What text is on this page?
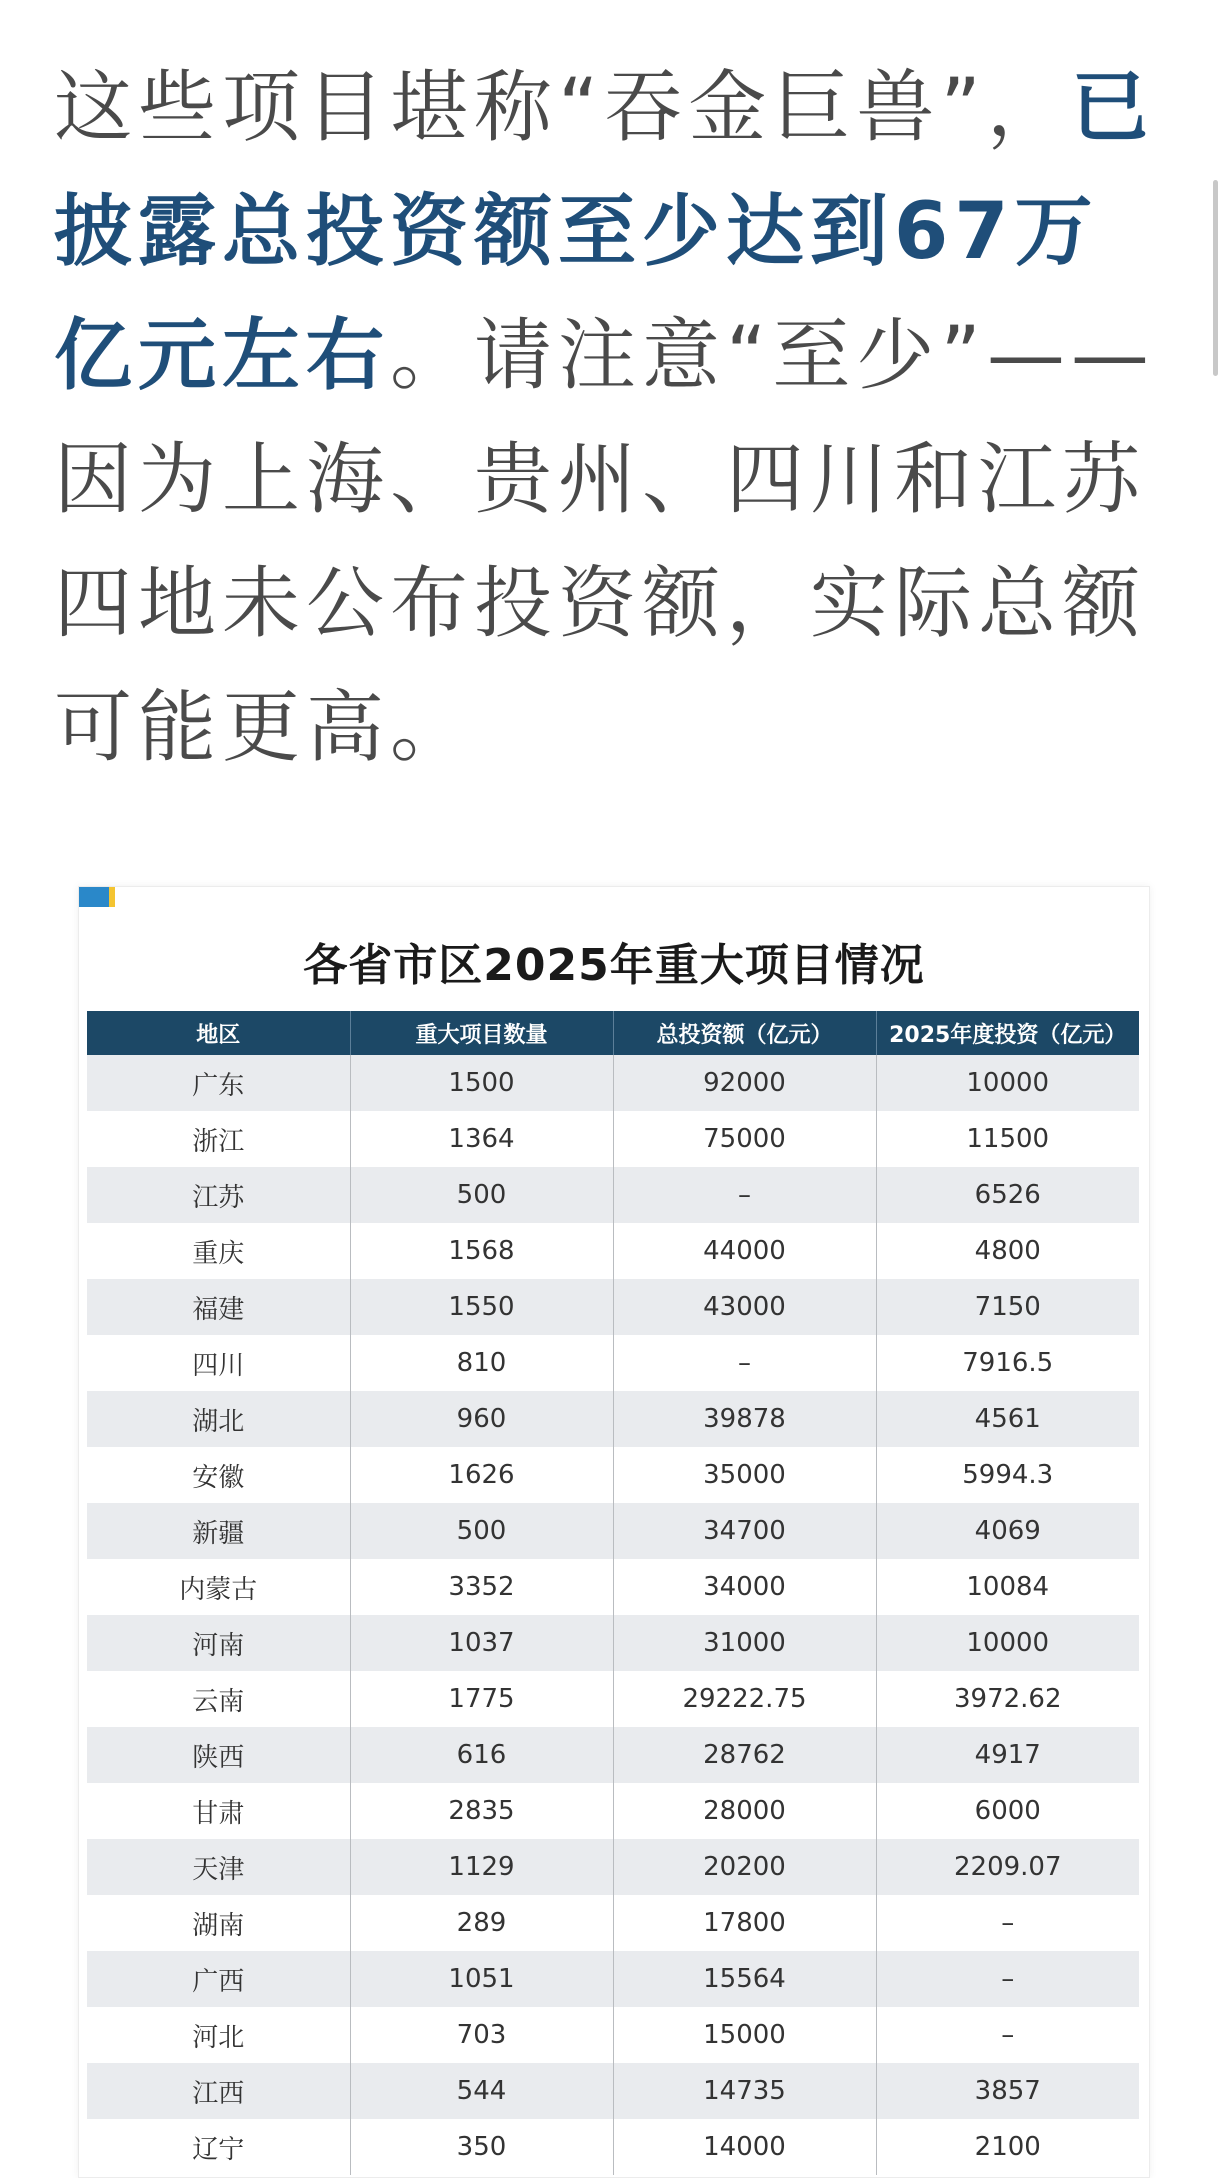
这些项目堪称“吞金巨兽”，已披露总投资额至少达到67万亿元左右。请注意“至少”——因为上海、贵州、四川和江苏四地未公布投资额，实际总额可能更高。
各省市区2025年重大项目情况
地区	重大项目数量	总投资额（亿元）	2025年度投资（亿元）
广东	1500	92000	10000
浙江	1364	75000	11500
江苏	500	–	6526
重庆	1568	44000	4800
福建	1550	43000	7150
四川	810	–	7916.5
湖北	960	39878	4561
安徽	1626	35000	5994.3
新疆	500	34700	4069
内蒙古	3352	34000	10084
河南	1037	31000	10000
云南	1775	29222.75	3972.62
陕西	616	28762	4917
甘肃	2835	28000	6000
天津	1129	20200	2209.07
湖南	289	17800	–
广西	1051	15564	–
河北	703	15000	–
江西	544	14735	3857
辽宁	350	14000	2100
